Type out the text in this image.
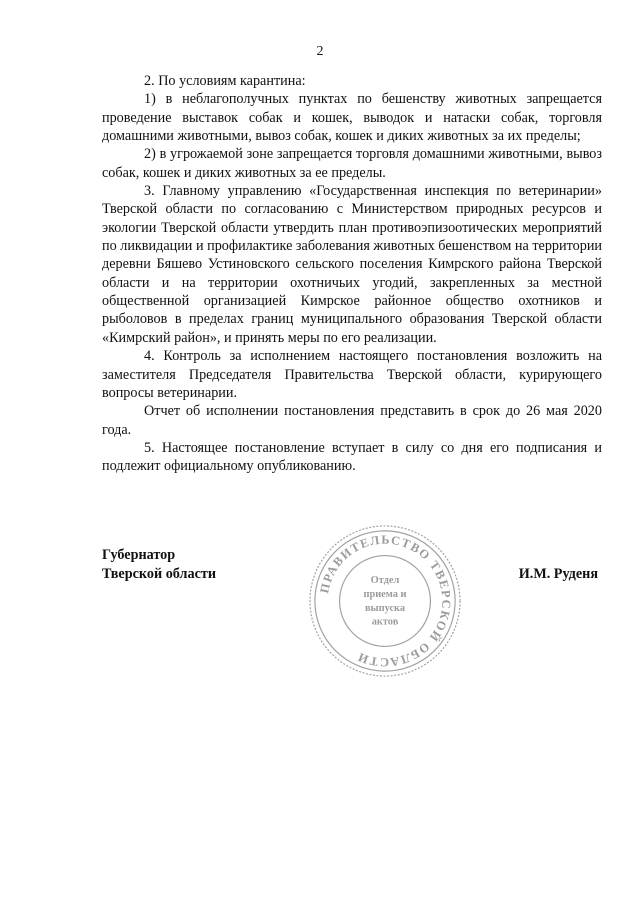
2

2. По условиям карантина:

1) в неблагополучных пунктах по бешенству животных запрещается проведение выставок собак и кошек, выводок и натаски собак, торговля домашними животными, вывоз собак, кошек и диких животных за их пределы;

2) в угрожаемой зоне запрещается торговля домашними животными, вывоз собак, кошек и диких животных за ее пределы.

3. Главному управлению «Государственная инспекция по ветеринарии» Тверской области по согласованию с Министерством природных ресурсов и экологии Тверской области утвердить план противоэпизоотических мероприятий по ликвидации и профилактике заболевания животных бешенством на территории деревни Бяшево Устиновского сельского поселения Кимрского района Тверской области и на территории охотничьих угодий, закрепленных за местной общественной организацией Кимрское районное общество охотников и рыболовов в пределах границ муниципального образования Тверской области «Кимрский район», и принять меры по его реализации.

4. Контроль за исполнением настоящего постановления возложить на заместителя Председателя Правительства Тверской области, курирующего вопросы ветеринарии.

Отчет об исполнении постановления представить в срок до 26 мая 2020 года.

5. Настоящее постановление вступает в силу со дня его подписания и подлежит официальному опубликованию.

Губернатор
Тверской области	И.М. Руденя
ПРАВИТЕЛЬСТВО ТВЕРСКОЙ ОБЛАСТИ
Отдел
приема и
выпуска
актов
